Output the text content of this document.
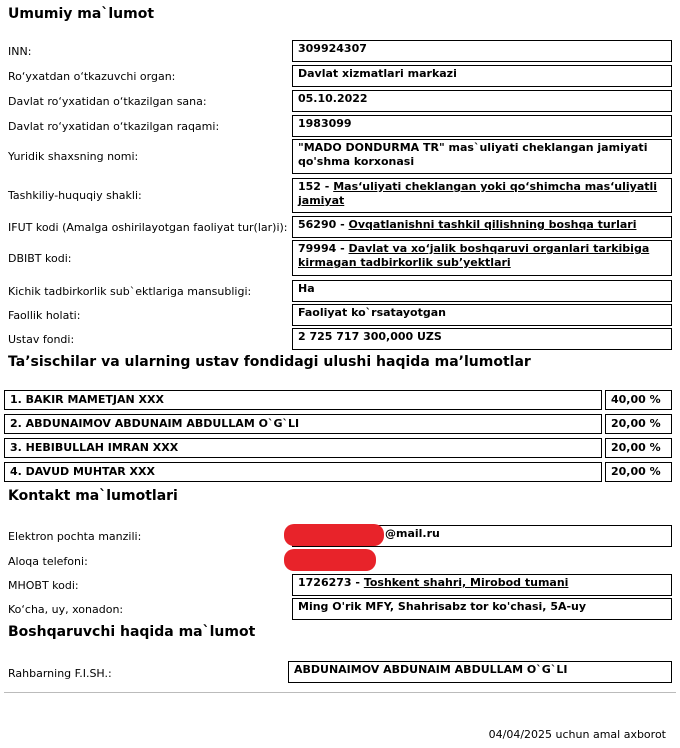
Umumiy ma`lumot
INN:	309924307
Ro‘yxatdan o‘tkazuvchi organ:	Davlat xizmatlari markazi
Davlat ro‘yxatidan o‘tkazilgan sana:	05.10.2022
Davlat ro‘yxatidan o‘tkazilgan raqami:	1983099
Yuridik shaxsning nomi:
"MADO DONDURMA TR" mas`uliyati cheklangan jamiyati qo'shma korxonasi
Tashkiliy-huquqiy shakli:
152 - Mas‘uliyati cheklangan yoki qo‘shimcha mas‘uliyatli jamiyat
IFUT kodi (Amalga oshirilayotgan faoliyat tur(lar)i): 56290 - Ovqatlanishni tashkil qilishning boshqa turlari
DBIBT kodi:
79994 - Davlat va xo‘jalik boshqaruvi organlari tarkibiga kirmagan tadbirkorlik sub’yektlari
Kichik tadbirkorlik sub`ektlariga mansubligi:	Ha
Faollik holati:	Faoliyat ko`rsatayotgan
Ustav fondi:	2 725 717 300,000 UZS
Ta’sischilar va ularning ustav fondidagi ulushi haqida ma’lumotlar
1. BAKIR MAMETJAN XXX	40,00 %
2. ABDUNAIMOV ABDUNAIM ABDULLAM O`G`LI	20,00 %
3. HEBIBULLAH IMRAN XXX	20,00 %
4. DAVUD MUHTAR XXX	20,00 %
Kontakt ma`lumotlari
Elektron pochta manzili:	@mail.ru
Aloqa telefoni:
MHOBT kodi:	1726273 - Toshkent shahri, Mirobod tumani
Ko‘cha, uy, xonadon:	Ming O'rik MFY, Shahrisabz tor ko'chasi, 5A-uy
Boshqaruvchi haqida ma`lumot
Rahbarning F.I.SH.:	ABDUNAIMOV ABDUNAIM ABDULLAM O`G`LI
04/04/2025 uchun amal axborot
